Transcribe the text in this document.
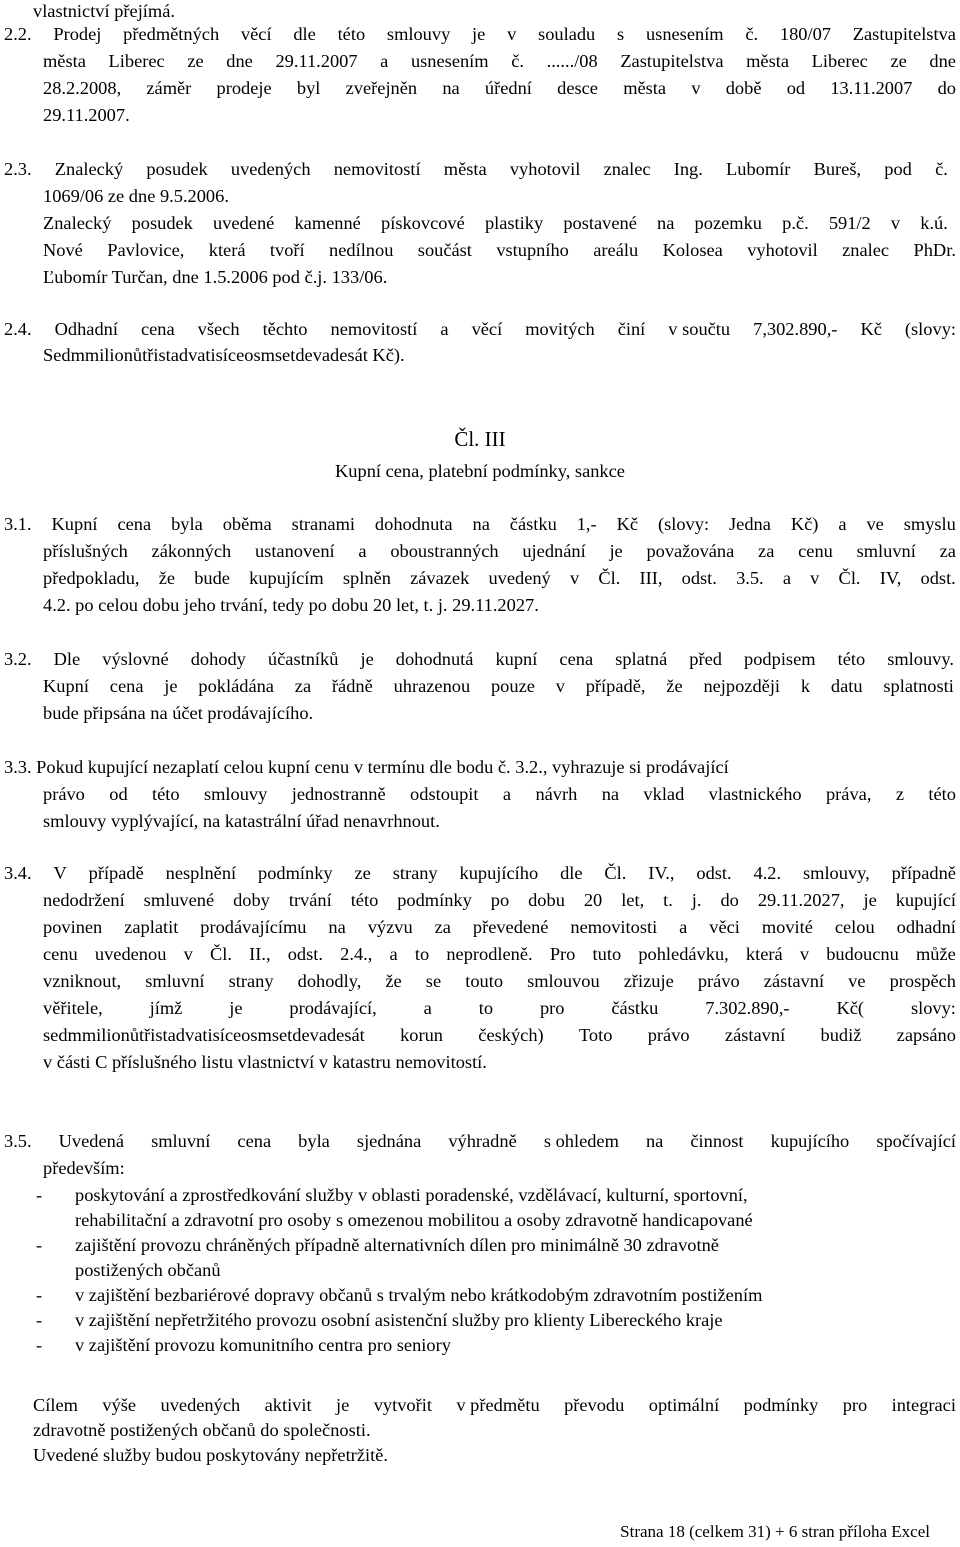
vlastnictví přejímá.
2.2. Prodej předmětných věcí dle této smlouvy je v souladu s usnesením č. 180/07 Zastupitelstva
města Liberec ze dne 29.11.2007 a usnesením č. ....../08 Zastupitelstva města Liberec ze dne
28.2.2008, záměr prodeje byl zveřejněn na úřední desce města v době od 13.11.2007 do
29.11.2007.
2.3. Znalecký posudek uvedených nemovitostí města vyhotovil znalec Ing. Lubomír Bureš, pod č.
1069/06 ze dne 9.5.2006.
Znalecký posudek uvedené kamenné pískovcové plastiky postavené na pozemku p.č. 591/2 v k.ú.
Nové Pavlovice, která tvoří nedílnou součást vstupního areálu Kolosea vyhotovil znalec PhDr.
Ľubomír Turčan, dne 1.5.2006 pod č.j. 133/06.
2.4. Odhadní cena všech těchto nemovitostí a věcí movitých činí v součtu 7,302.890,- Kč (slovy:
Sedmmilionůtřistadvatisíceosmsetdevadesát Kč).
Čl. III
Kupní cena, platební podmínky, sankce
3.1. Kupní cena byla oběma stranami dohodnuta na částku 1,- Kč (slovy: Jedna Kč) a ve smyslu
příslušných zákonných ustanovení a oboustranných ujednání je považována za cenu smluvní za
předpokladu, že bude kupujícím splněn závazek uvedený v Čl. III, odst. 3.5. a v Čl. IV, odst.
4.2. po celou dobu jeho trvání, tedy po dobu 20 let, t. j. 29.11.2027.
3.2. Dle výslovné dohody účastníků je dohodnutá kupní cena splatná před podpisem této smlouvy.
Kupní cena je pokládána za řádně uhrazenou pouze v případě, že nejpozději k datu splatnosti
bude připsána na účet prodávajícího.
3.3. Pokud kupující nezaplatí celou kupní cenu v termínu dle bodu č. 3.2., vyhrazuje si prodávající
právo od této smlouvy jednostranně odstoupit a návrh na vklad vlastnického práva, z této
smlouvy vyplývající, na katastrální úřad nenavrhnout.
3.4. V případě nesplnění podmínky ze strany kupujícího dle Čl. IV., odst. 4.2. smlouvy, případně
nedodržení smluvené doby trvání této podmínky po dobu 20 let, t. j. do 29.11.2027, je kupující
povinen zaplatit prodávajícímu na výzvu za převedené nemovitosti a věci movité celou odhadní
cenu uvedenou v Čl. II., odst. 2.4., a to neprodleně. Pro tuto pohledávku, která v budoucnu může
vzniknout, smluvní strany dohodly, že se touto smlouvou zřizuje právo zástavní ve prospěch
věřitele,	jímž	je	prodávající,	a	to	pro	částku	7.302.890,-	Kč(	slovy:
sedmmilionůtřistadvatisíceosmsetdevadesát korun českých) Toto právo zástavní budiž zapsáno
v části C příslušného listu vlastnictví v katastru nemovitostí.
3.5. Uvedená smluvní cena byla sjednána výhradně s ohledem na činnost kupujícího spočívající
především:
- poskytování a zprostředkování služby v oblasti poradenské, vzdělávací, kulturní, sportovní,
rehabilitační a zdravotní pro osoby s omezenou mobilitou a osoby zdravotně handicapované
- zajištění provozu chráněných případně alternativních dílen pro minimálně 30 zdravotně
postižených občanů
- v zajištění bezbariérové dopravy občanů s trvalým nebo krátkodobým zdravotním postižením
- v zajištění nepřetržitého provozu osobní asistenční služby pro klienty Libereckého kraje
- v zajištění provozu komunitního centra pro seniory
Cílem výše uvedených aktivit je vytvořit v předmětu převodu optimální podmínky pro integraci
zdravotně postižených občanů do společnosti.
Uvedené služby budou poskytovány nepřetržitě.
Strana 18 (celkem 31) + 6 stran příloha Excel
